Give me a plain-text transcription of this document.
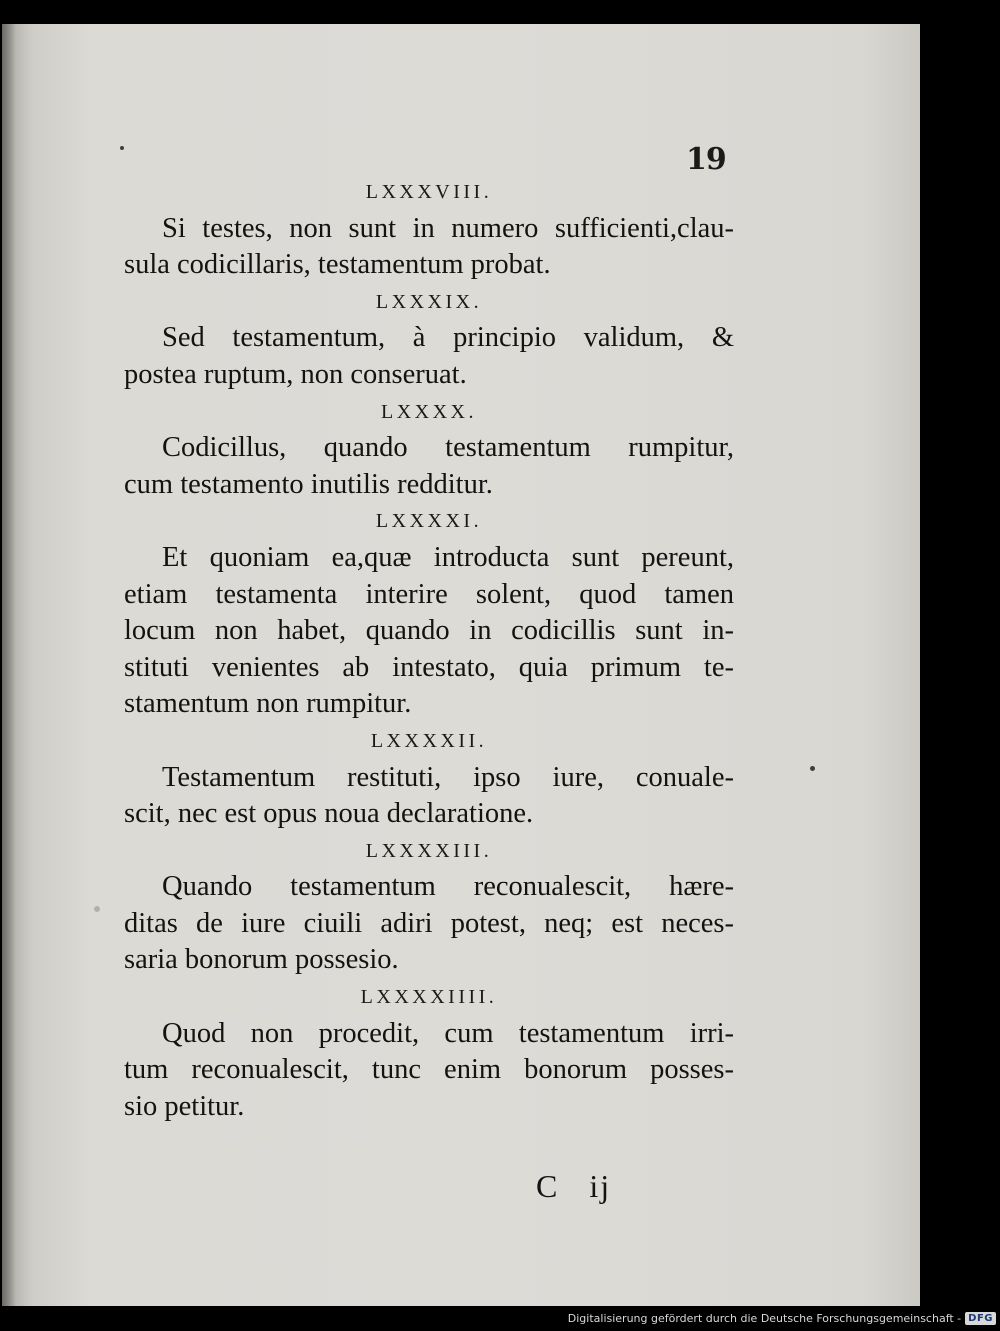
19
LXXXVIII.
Si testes, non sunt in numero sufficienti,clau-
sula codicillaris, testamentum probat.
LXXXIX.
Sed testamentum, à principio validum, &
postea ruptum, non conseruat.
LXXXX.
Codicillus, quando testamentum rumpitur,
cum testamento inutilis redditur.
LXXXXI.
Et quoniam ea,quæ introducta sunt pereunt,
etiam testamenta interire solent, quod tamen
locum non habet, quando in codicillis sunt in-
stituti venientes ab intestato, quia primum te-
stamentum non rumpitur.
LXXXXII.
Testamentum restituti, ipso iure, conuale-
scit, nec est opus noua declaratione.
LXXXXIII.
Quando testamentum reconualescit, hære-
ditas de iure ciuili adiri potest, neq; est neces-
saria bonorum possesio.
LXXXXIIII.
Quod non procedit, cum testamentum irri-
tum reconualescit, tunc enim bonorum posses-
sio petitur.
C ij
Digitalisierung gefördert durch die Deutsche Forschungsgemeinschaft - DFG
